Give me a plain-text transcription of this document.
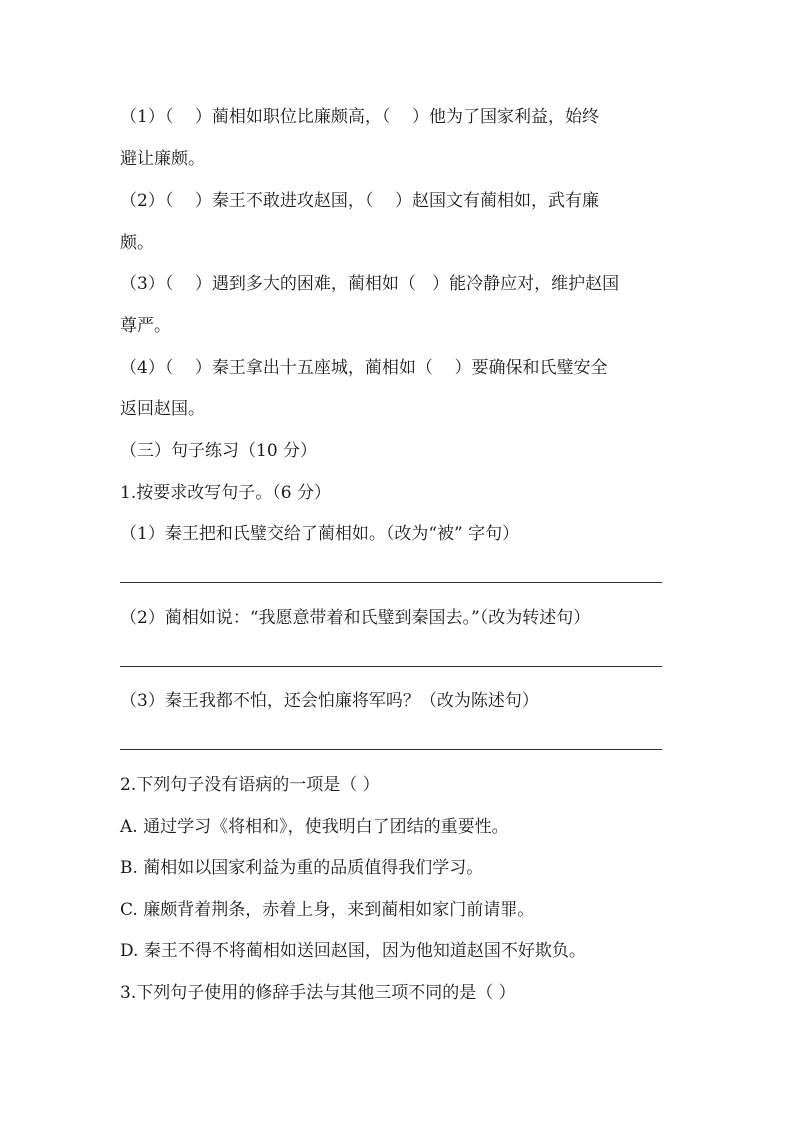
（1）（    ）蔺相如职位比廉颇高，（    ）他为了国家利益，始终
避让廉颇。
（2）（    ）秦王不敢进攻赵国，（    ）赵国文有蔺相如，武有廉
颇。
（3）（    ）遇到多大的困难，蔺相如（   ）能冷静应对，维护赵国
尊严。
（4）（    ）秦王拿出十五座城，蔺相如（    ）要确保和氏璧安全
返回赵国。
（三）句子练习（10 分）
1.按要求改写句子。（6 分）
（1）秦王把和氏璧交给了蔺相如。（改为“被” 字句）
（2）蔺相如说：“我愿意带着和氏璧到秦国去。”（改为转述句）
（3）秦王我都不怕，还会怕廉将军吗？（改为陈述句）
2.下列句子没有语病的一项是（ ）
A. 通过学习《将相和》，使我明白了团结的重要性。
B. 蔺相如以国家利益为重的品质值得我们学习。
C. 廉颇背着荆条，赤着上身，来到蔺相如家门前请罪。
D. 秦王不得不将蔺相如送回赵国，因为他知道赵国不好欺负。
3.下列句子使用的修辞手法与其他三项不同的是（ ）
